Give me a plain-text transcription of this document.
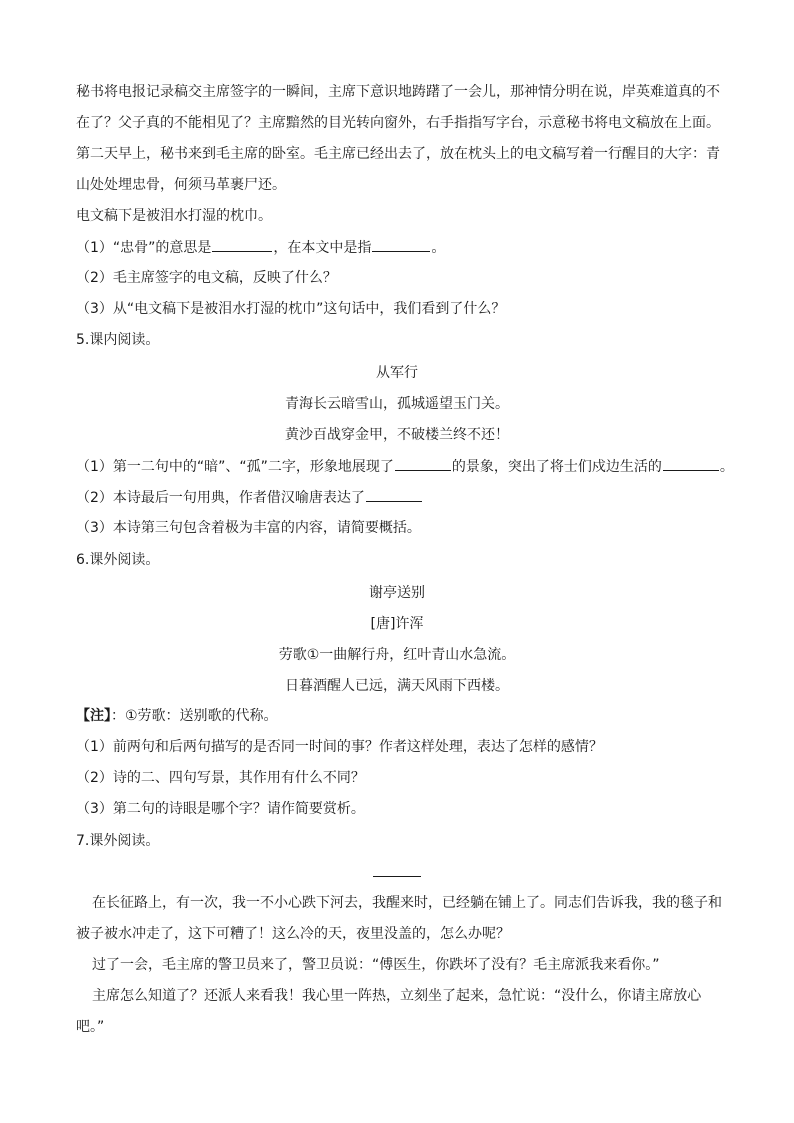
秘书将电报记录稿交主席签字的一瞬间，主席下意识地踌躇了一会儿，那神情分明在说，岸英难道真的不
在了？父子真的不能相见了？主席黯然的目光转向窗外，右手指指写字台，示意秘书将电文稿放在上面。
第二天早上，秘书来到毛主席的卧室。毛主席已经出去了，放在枕头上的电文稿写着一行醒目的大字：青
山处处埋忠骨，何须马革裹尸还。
电文稿下是被泪水打湿的枕巾。
（1）“忠骨”的意思是	，在本文中是指	。
（2）毛主席签字的电文稿，反映了什么？
（3）从“电文稿下是被泪水打湿的枕巾”这句话中，我们看到了什么？
5.课内阅读。
从军行
青海长云暗雪山，孤城遥望玉门关。
黄沙百战穿金甲，不破楼兰终不还！
（1）第一二句中的“暗”、“孤”二字，形象地展现了	的景象，突出了将士们戍边生活的	。
（2）本诗最后一句用典，作者借汉喻唐表达了
（3）本诗第三句包含着极为丰富的内容，请简要概括。
6.课外阅读。
谢亭送别
[唐]许浑
劳歌①一曲解行舟，红叶青山水急流。
日暮酒醒人已远，满天风雨下西楼。
【注】：①劳歌：送别歌的代称。
（1）前两句和后两句描写的是否同一时间的事？作者这样处理，表达了怎样的感情？
（2）诗的二、四句写景，其作用有什么不同？
（3）第二句的诗眼是哪个字？请作简要赏析。
7.课外阅读。
在长征路上，有一次，我一不小心跌下河去，我醒来时，已经躺在铺上了。同志们告诉我，我的毯子和
被子被水冲走了，这下可糟了！这么冷的天，夜里没盖的，怎么办呢？
过了一会，毛主席的警卫员来了，警卫员说：“傅医生，你跌坏了没有？毛主席派我来看你。”
主席怎么知道了？还派人来看我！我心里一阵热，立刻坐了起来，急忙说：“没什么，你请主席放心
吧。”
